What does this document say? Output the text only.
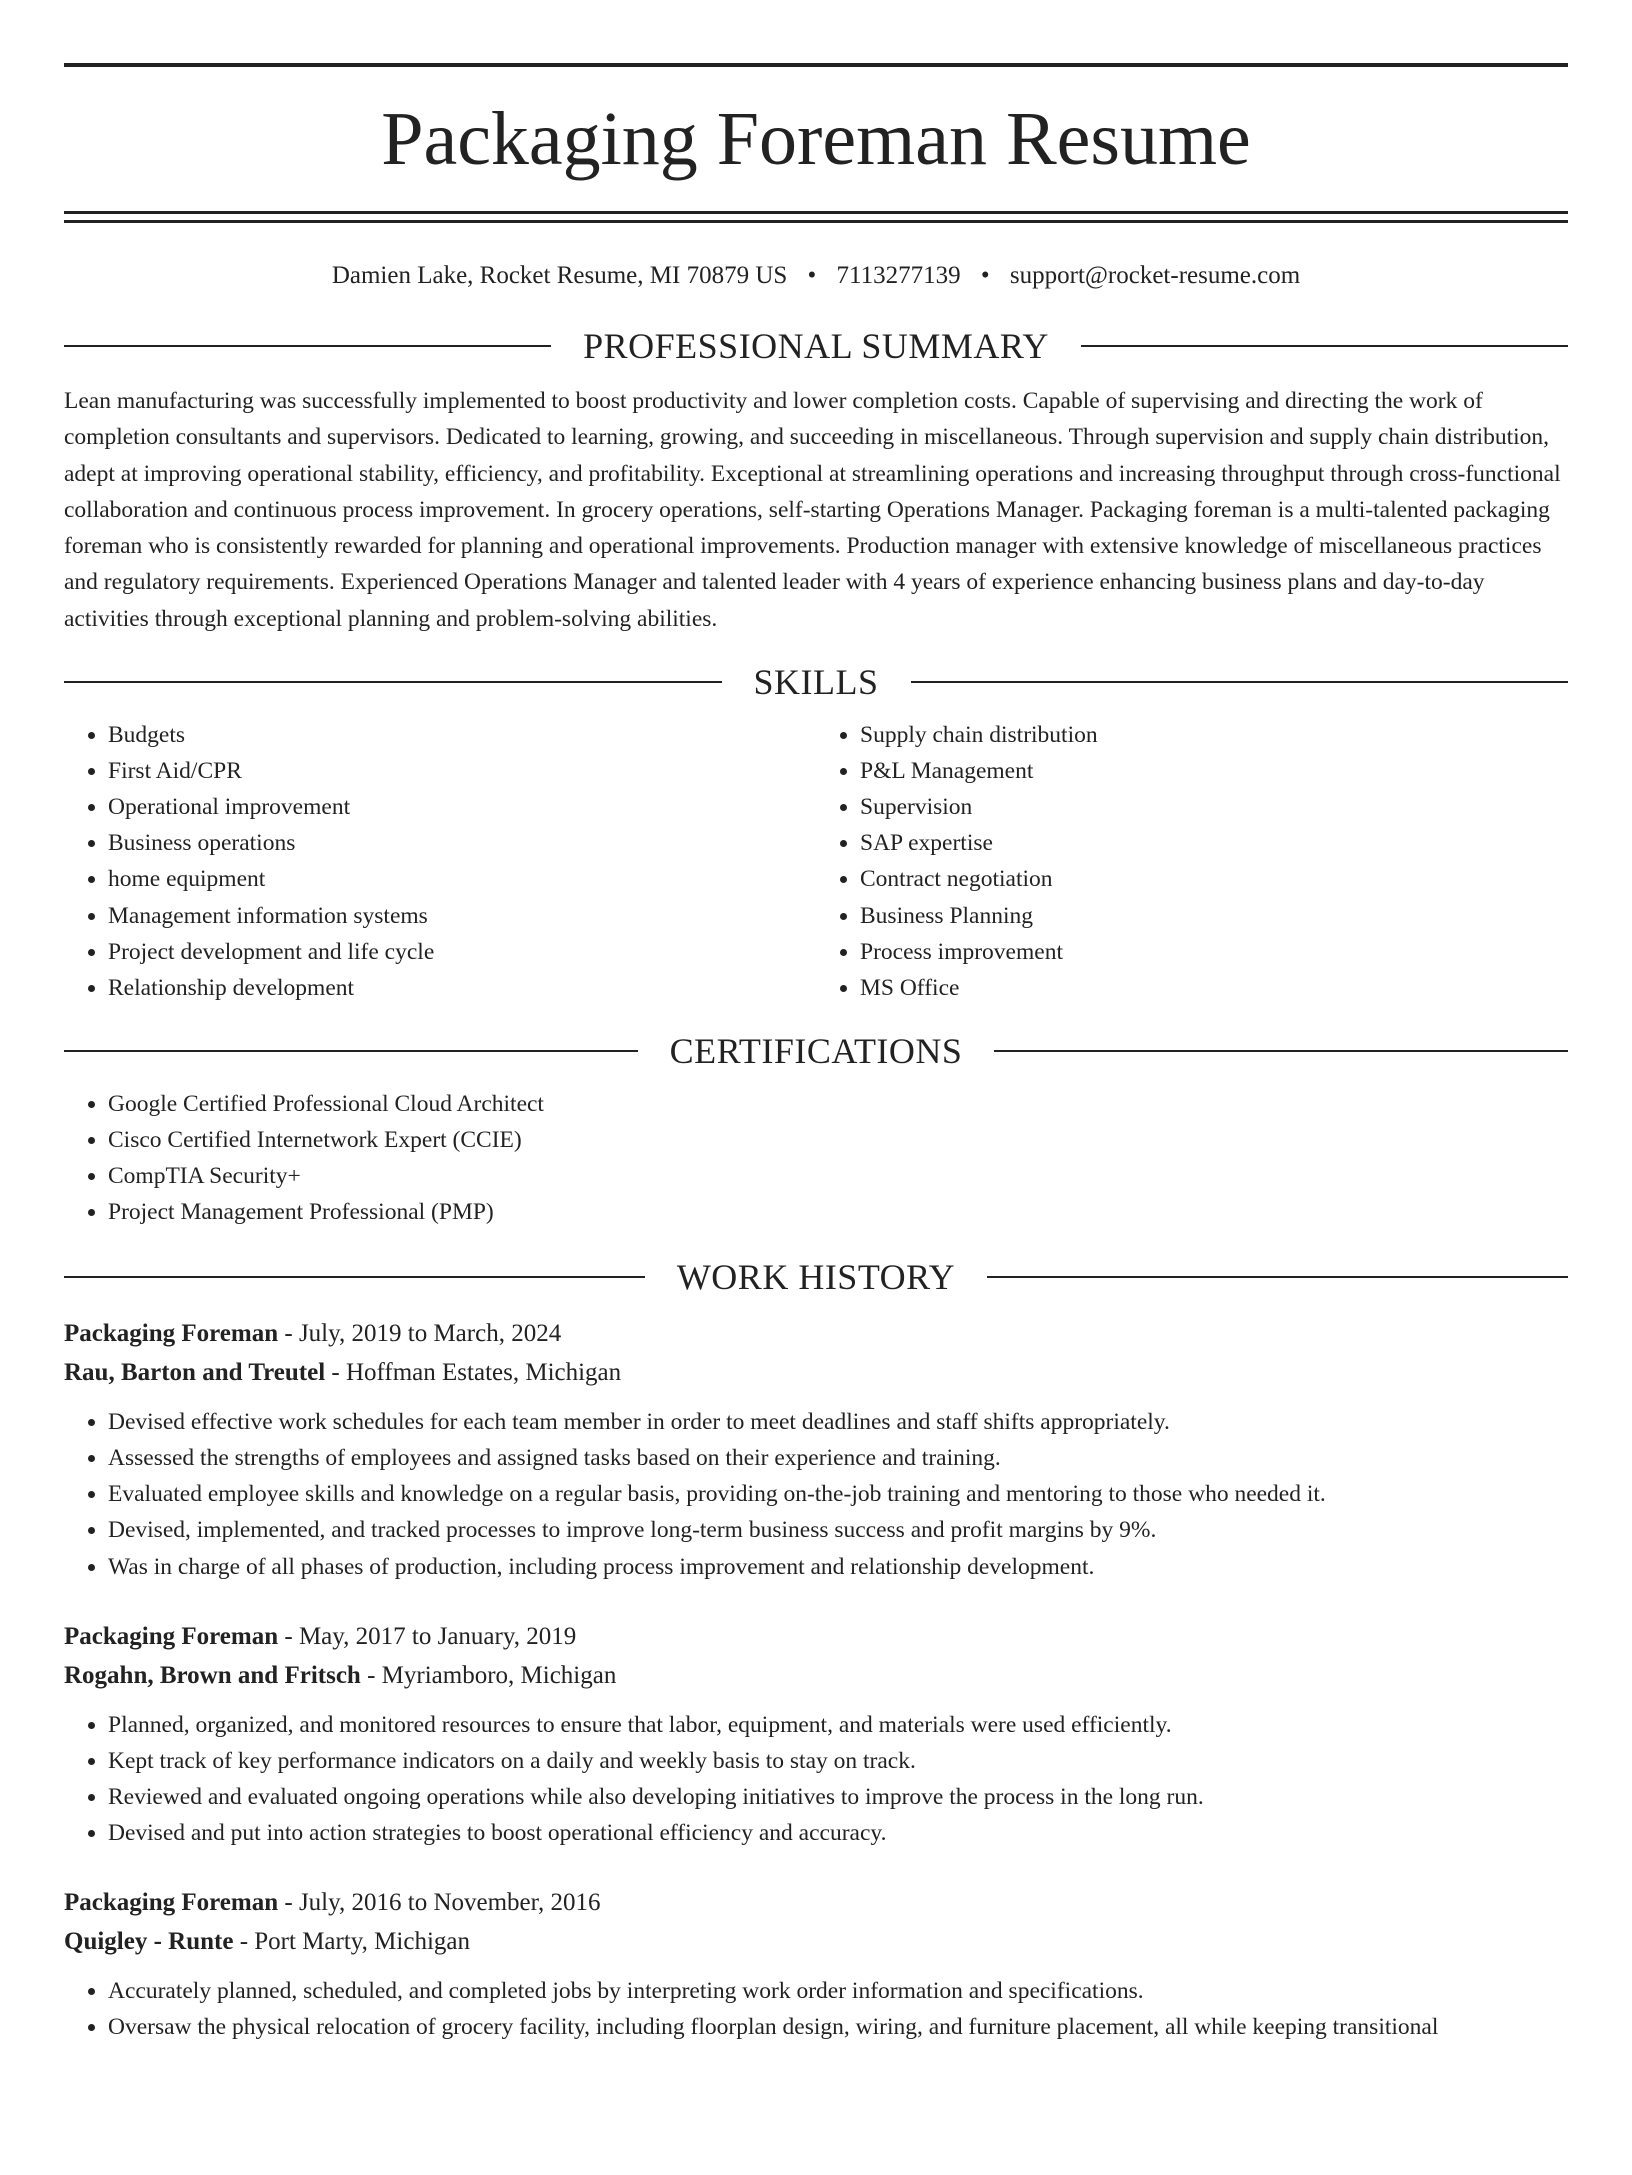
Packaging Foreman Resume
Damien Lake, Rocket Resume, MI 70879 US • 7113277139 • support@rocket-resume.com
PROFESSIONAL SUMMARY

Lean manufacturing was successfully implemented to boost productivity and lower completion costs. Capable of supervising and directing the work of completion consultants and supervisors. Dedicated to learning, growing, and succeeding in miscellaneous. Through supervision and supply chain distribution, adept at improving operational stability, efficiency, and profitability. Exceptional at streamlining operations and increasing throughput through cross-functional collaboration and continuous process improvement. In grocery operations, self-starting Operations Manager. Packaging foreman is a multi-talented packaging foreman who is consistently rewarded for planning and operational improvements. Production manager with extensive knowledge of miscellaneous practices and regulatory requirements. Experienced Operations Manager and talented leader with 4 years of experience enhancing business plans and day-to-day activities through exceptional planning and problem-solving abilities.

SKILLS
• Budgets
• First Aid/CPR
• Operational improvement
• Business operations
• home equipment
• Management information systems
• Project development and life cycle
• Relationship development
• Supply chain distribution
• P&L Management
• Supervision
• SAP expertise
• Contract negotiation
• Business Planning
• Process improvement
• MS Office
CERTIFICATIONS
• Google Certified Professional Cloud Architect
• Cisco Certified Internetwork Expert (CCIE)
• CompTIA Security+
• Project Management Professional (PMP)
WORK HISTORY
Packaging Foreman - July, 2019 to March, 2024
Rau, Barton and Treutel - Hoffman Estates, Michigan
• Devised effective work schedules for each team member in order to meet deadlines and staff shifts appropriately.
• Assessed the strengths of employees and assigned tasks based on their experience and training.
• Evaluated employee skills and knowledge on a regular basis, providing on-the-job training and mentoring to those who needed it.
• Devised, implemented, and tracked processes to improve long-term business success and profit margins by 9%.
• Was in charge of all phases of production, including process improvement and relationship development.
Packaging Foreman - May, 2017 to January, 2019
Rogahn, Brown and Fritsch - Myriamboro, Michigan
• Planned, organized, and monitored resources to ensure that labor, equipment, and materials were used efficiently.
• Kept track of key performance indicators on a daily and weekly basis to stay on track.
• Reviewed and evaluated ongoing operations while also developing initiatives to improve the process in the long run.
• Devised and put into action strategies to boost operational efficiency and accuracy.
Packaging Foreman - July, 2016 to November, 2016
Quigley - Runte - Port Marty, Michigan
• Accurately planned, scheduled, and completed jobs by interpreting work order information and specifications.
• Oversaw the physical relocation of grocery facility, including floorplan design, wiring, and furniture placement, all while keeping transitional
